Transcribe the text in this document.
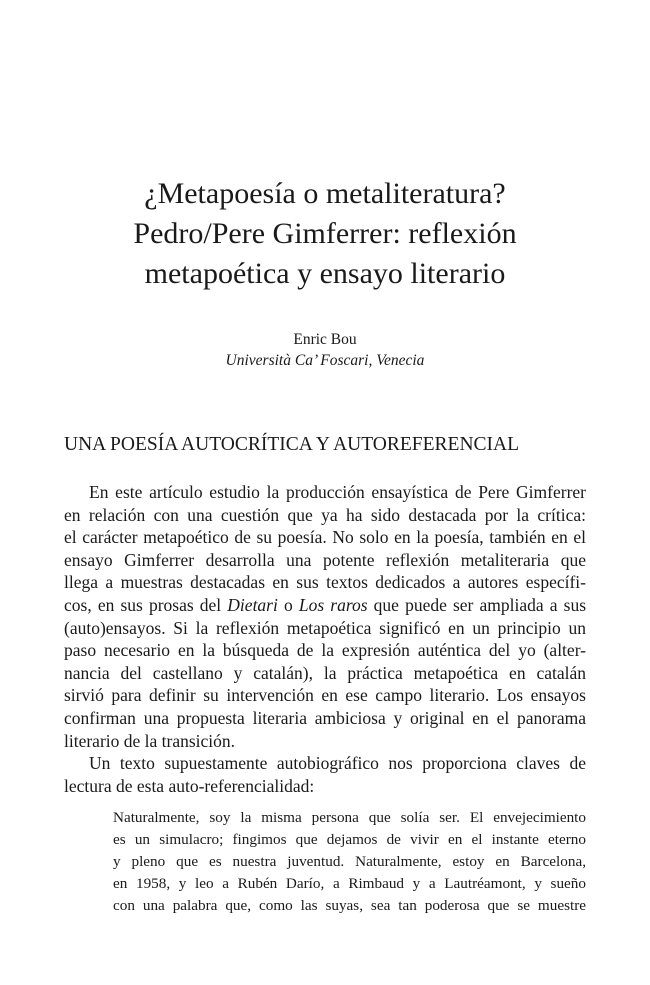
¿Metapoesía o metaliteratura?
Pedro/Pere Gimferrer: reflexión
metapoética y ensayo literario
Enric Bou
Università Ca’ Foscari, Venecia
UNA POESÍA AUTOCRÍTICA Y AUTOREFERENCIAL

En este artículo estudio la producción ensayística de Pere Gimferrer
en relación con una cuestión que ya ha sido destacada por la crítica:
el carácter metapoético de su poesía. No solo en la poesía, también en el
ensayo Gimferrer desarrolla una potente reflexión metaliteraria que
llega a muestras destacadas en sus textos dedicados a autores específi-
cos, en sus prosas del Dietari o Los raros que puede ser ampliada a sus
(auto)ensayos. Si la reflexión metapoética significó en un principio un
paso necesario en la búsqueda de la expresión auténtica del yo (alter-
nancia del castellano y catalán), la práctica metapoética en catalán
sirvió para definir su intervención en ese campo literario. Los ensayos
confirman una propuesta literaria ambiciosa y original en el panorama
literario de la transición.

Un texto supuestamente autobiográfico nos proporciona claves de
lectura de esta auto-referencialidad:

Naturalmente, soy la misma persona que solía ser. El envejecimiento
es un simulacro; fingimos que dejamos de vivir en el instante eterno
y pleno que es nuestra juventud. Naturalmente, estoy en Barcelona,
en 1958, y leo a Rubén Darío, a Rimbaud y a Lautréamont, y sueño
con una palabra que, como las suyas, sea tan poderosa que se muestre
